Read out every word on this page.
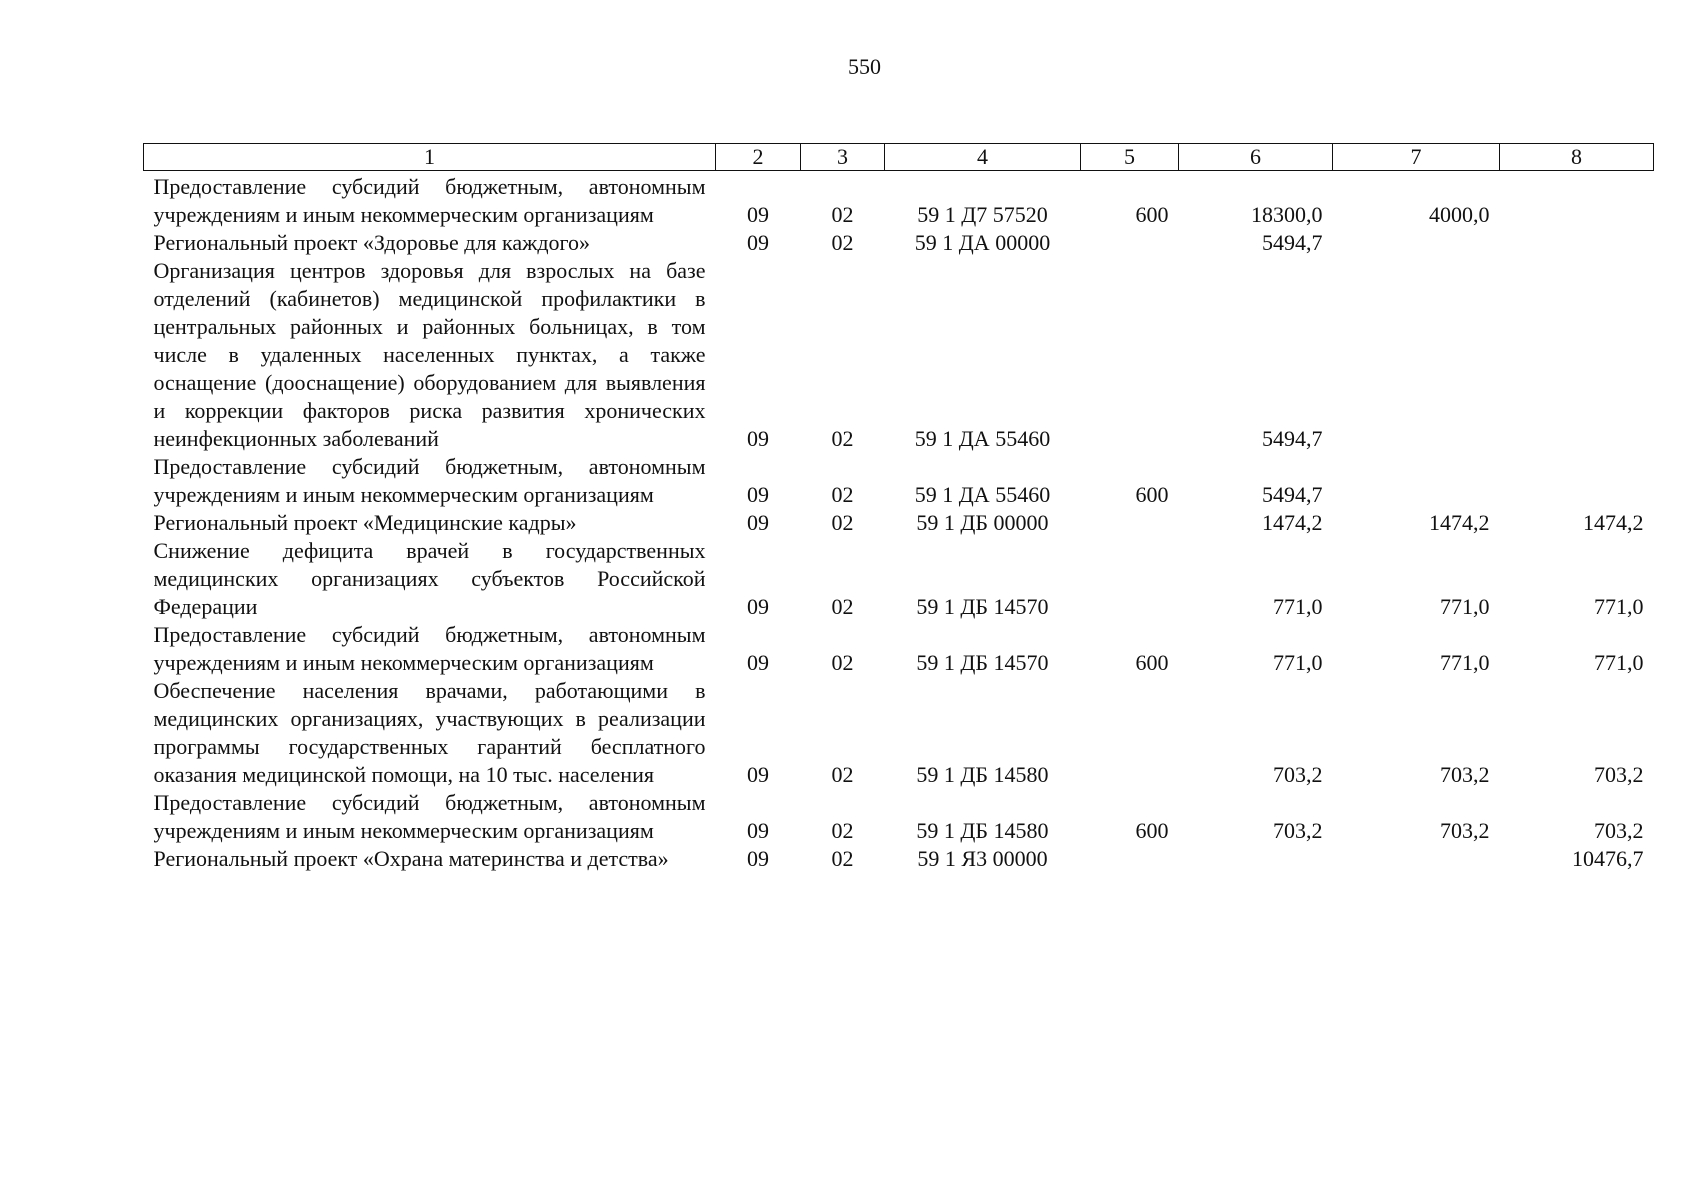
550
1	2	3	4	5	6	7	8
Предоставление субсидий бюджетным, автономным учреждениям и иным некоммерческим организациям	09	02	59 1 Д7 57520	600	18300,0	4000,0	
Региональный проект «Здоровье для каждого»	09	02	59 1 ДА 00000		5494,7		
Организация центров здоровья для взрослых на базе отделений (кабинетов) медицинской профилактики в центральных районных и районных больницах, в том числе в удаленных населенных пунктах, а также оснащение (дооснащение) оборудованием для выявления и коррекции факторов риска развития хронических неинфекционных заболеваний	09	02	59 1 ДА 55460		5494,7		
Предоставление субсидий бюджетным, автономным учреждениям и иным некоммерческим организациям	09	02	59 1 ДА 55460	600	5494,7		
Региональный проект «Медицинские кадры»	09	02	59 1 ДБ 00000		1474,2	1474,2	1474,2
Снижение дефицита врачей в государственных медицинских организациях субъектов Российской Федерации	09	02	59 1 ДБ 14570		771,0	771,0	771,0
Предоставление субсидий бюджетным, автономным учреждениям и иным некоммерческим организациям	09	02	59 1 ДБ 14570	600	771,0	771,0	771,0
Обеспечение населения врачами, работающими в медицинских организациях, участвующих в реализации программы государственных гарантий бесплатного оказания медицинской помощи, на 10 тыс. населения	09	02	59 1 ДБ 14580		703,2	703,2	703,2
Предоставление субсидий бюджетным, автономным учреждениям и иным некоммерческим организациям	09	02	59 1 ДБ 14580	600	703,2	703,2	703,2
Региональный проект «Охрана материнства и детства»	09	02	59 1 Я3 00000				10476,7
